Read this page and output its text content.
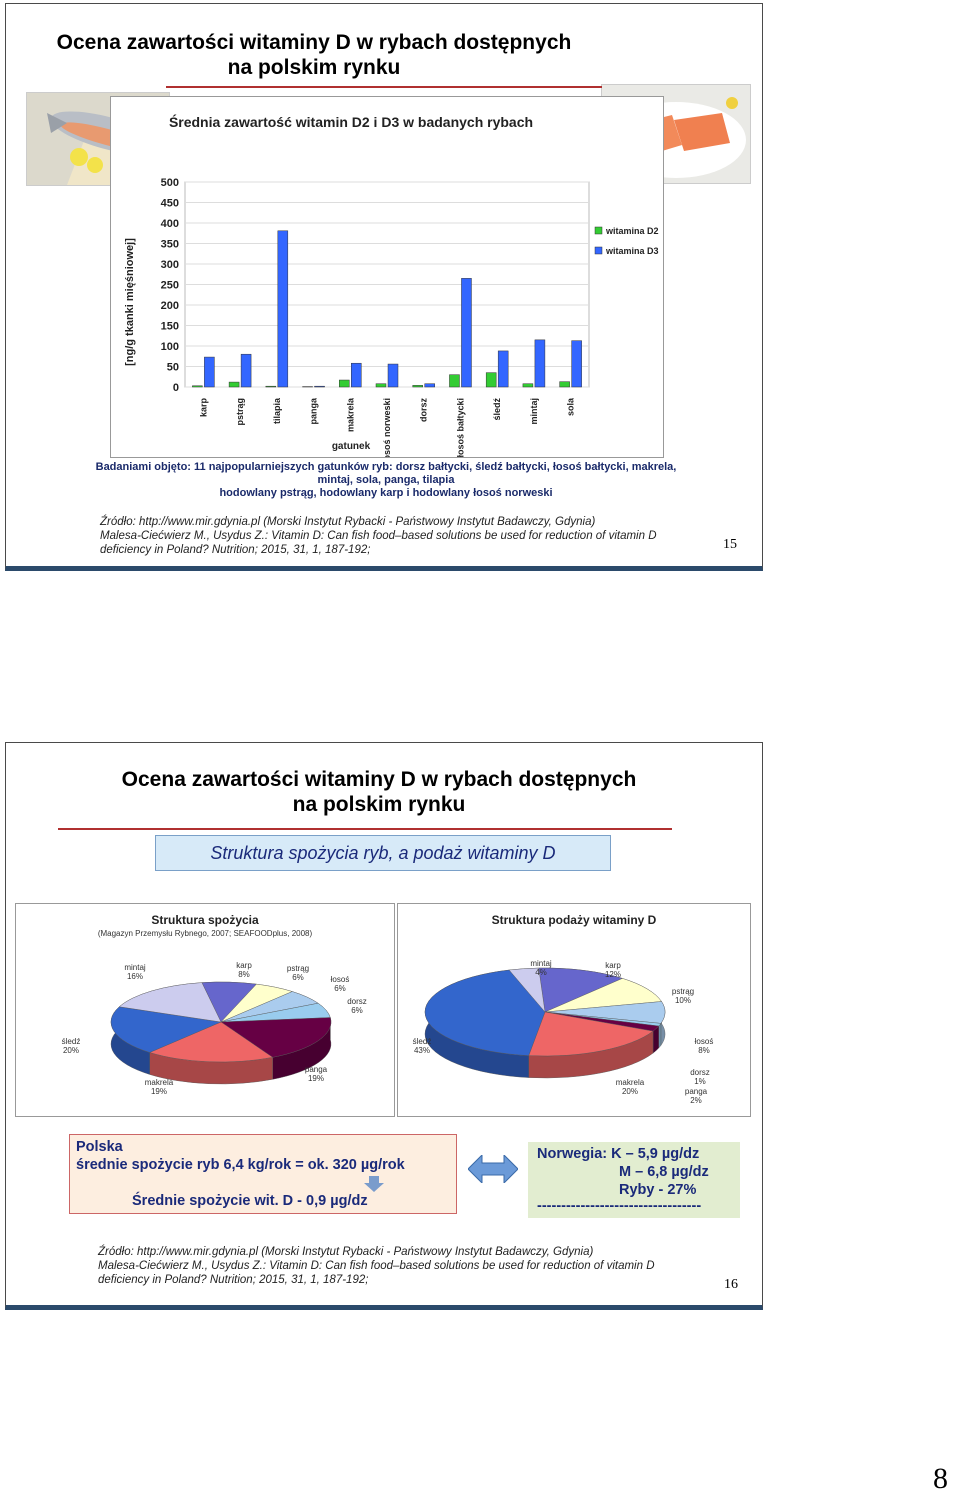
Ocena zawartości witaminy D w rybach dostępnych
na polskim rynku
Średnia zawartość witamin D2 i D3 w badanych rybach
karp	pstrąg	tilapia	panga	makrela	łosoś norweski	dorsz	łosoś bałtycki	śledź	mintaj	sola
0
50
100
150
200
250
300
350
400
450
500
[ng/g tkanki mięśniowej]
gatunek
witamina D2
witamina D3
Badaniami objęto: 11 najpopularniejszych gatunków ryb: dorsz bałtycki, śledź bałtycki, łosoś bałtycki, makrela,
mintaj, sola, panga, tilapia
hodowlany pstrąg, hodowlany karp i hodowlany łosoś norweski
Źródło: http://www.mir.gdynia.pl (Morski Instytut Rybacki - Państwowy Instytut Badawczy, Gdynia)
Malesa-Ciećwierz M., Usydus Z.: Vitamin D: Can fish food–based solutions be used for reduction of vitamin D
deficiency in Poland? Nutrition; 2015, 31, 1, 187-192;	15
Ocena zawartości witaminy D w rybach dostępnych
na polskim rynku
Struktura spożycia ryb, a podaż witaminy D
Struktura spożycia
(Magazyn Przemysłu Rybnego, 2007; SEAFOODplus, 2008)
karp
8%
pstrąg
6%	łosoś
6%
dorsz
6%
panga
19%
makrela
19%
śledź
20%
mintaj
16%
Struktura podaży witaminy D
karp
12%
pstrąg
10%
łosoś
8%
dorsz
1%
panga
2%
makrela
20%
śledź
43%
mintaj
4%
Polska
średnie spożycie ryb 6,4 kg/rok = ok. 320 µg/rok
Średnie spożycie wit. D - 0,9 µg/dz
Norwegia: K – 5,9 µg/dz
M – 6,8 µg/dz
Ryby - 27%
----------------------------------
Źródło: http://www.mir.gdynia.pl (Morski Instytut Rybacki - Państwowy Instytut Badawczy, Gdynia)
Malesa-Ciećwierz M., Usydus Z.: Vitamin D: Can fish food–based solutions be used for reduction of vitamin D
deficiency in Poland? Nutrition; 2015, 31, 1, 187-192;	16
8
